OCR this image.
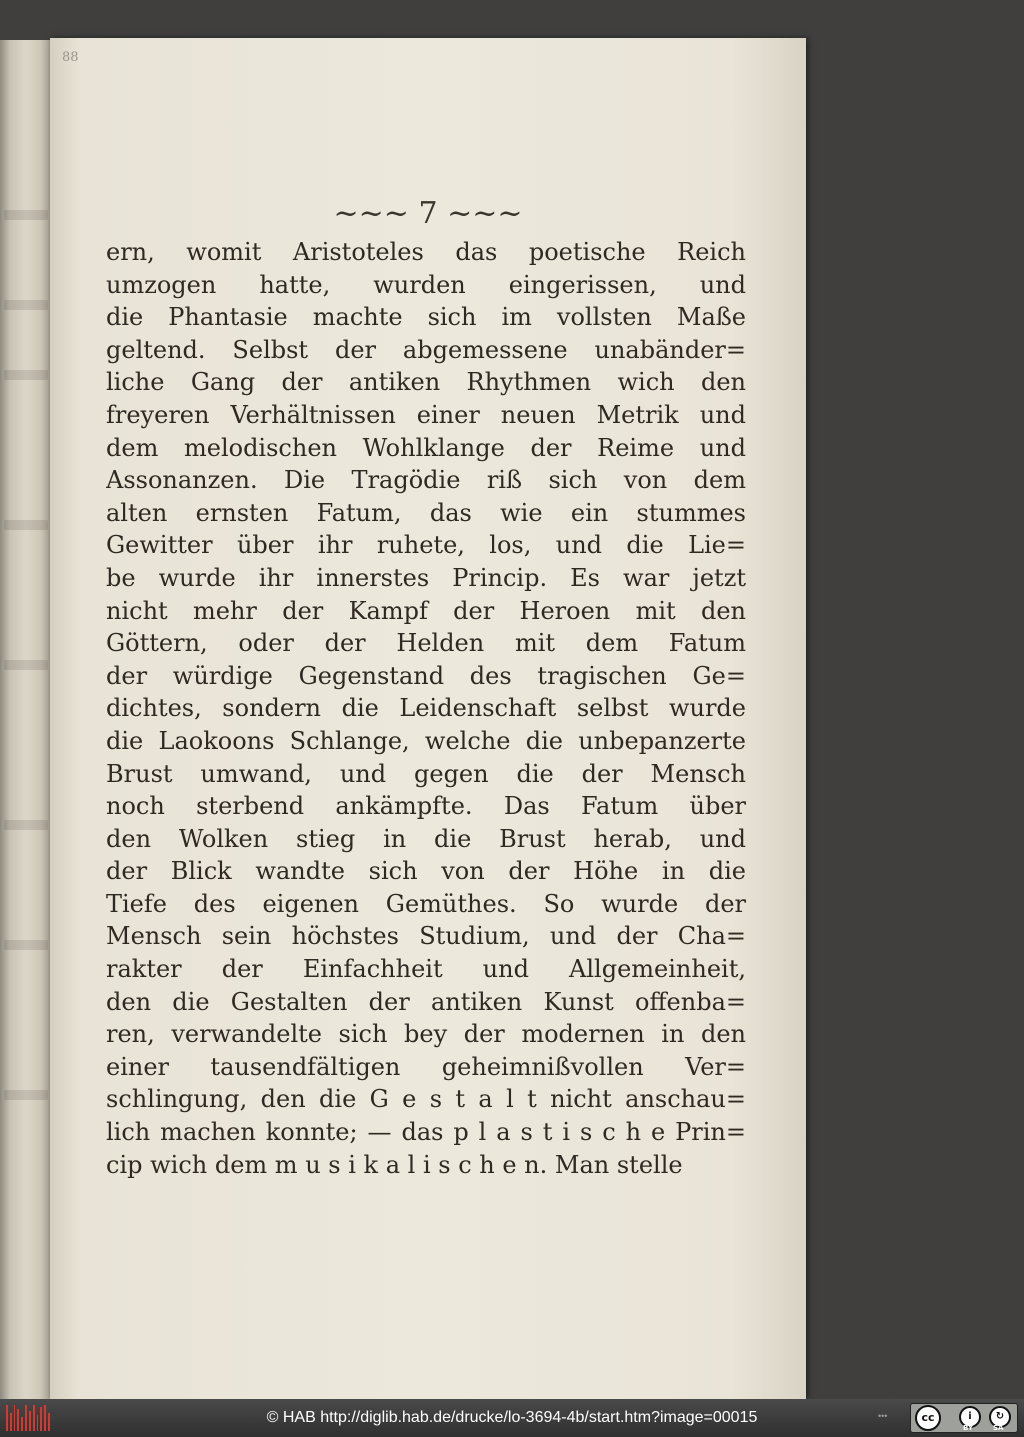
88
~~~ 7 ~~~
ern, womit Aristoteles das poetische Reich
umzogen hatte, wurden eingerissen, und
die Phantasie machte sich im vollsten Maße
geltend. Selbst der abgemessene unabänder=
liche Gang der antiken Rhythmen wich den
freyeren Verhältnissen einer neuen Metrik und
dem melodischen Wohlklange der Reime und
Assonanzen. Die Tragödie riß sich von dem
alten ernsten Fatum, das wie ein stummes
Gewitter über ihr ruhete, los, und die Lie=
be wurde ihr innerstes Princip. Es war jetzt
nicht mehr der Kampf der Heroen mit den
Göttern, oder der Helden mit dem Fatum
der würdige Gegenstand des tragischen Ge=
dichtes, sondern die Leidenschaft selbst wurde
die Laokoons Schlange, welche die unbepanzerte
Brust umwand, und gegen die der Mensch
noch sterbend ankämpfte. Das Fatum über
den Wolken stieg in die Brust herab, und
der Blick wandte sich von der Höhe in die
Tiefe des eigenen Gemüthes. So wurde der
Mensch sein höchstes Studium, und der Cha=
rakter der Einfachheit und Allgemeinheit,
den die Gestalten der antiken Kunst offenba=
ren, verwandelte sich bey der modernen in den
einer tausendfältigen geheimnißvollen Ver=
schlingung, den die G e s t a l t nicht anschau=
lich machen konnte; — das p l a s t i s c h e Prin=
cip wich dem m u s i k a l i s c h e n. Man stelle
© HAB http://diglib.hab.de/drucke/lo-3694-4b/start.htm?image=00015	•••	cc	i	↻
BY	SA
